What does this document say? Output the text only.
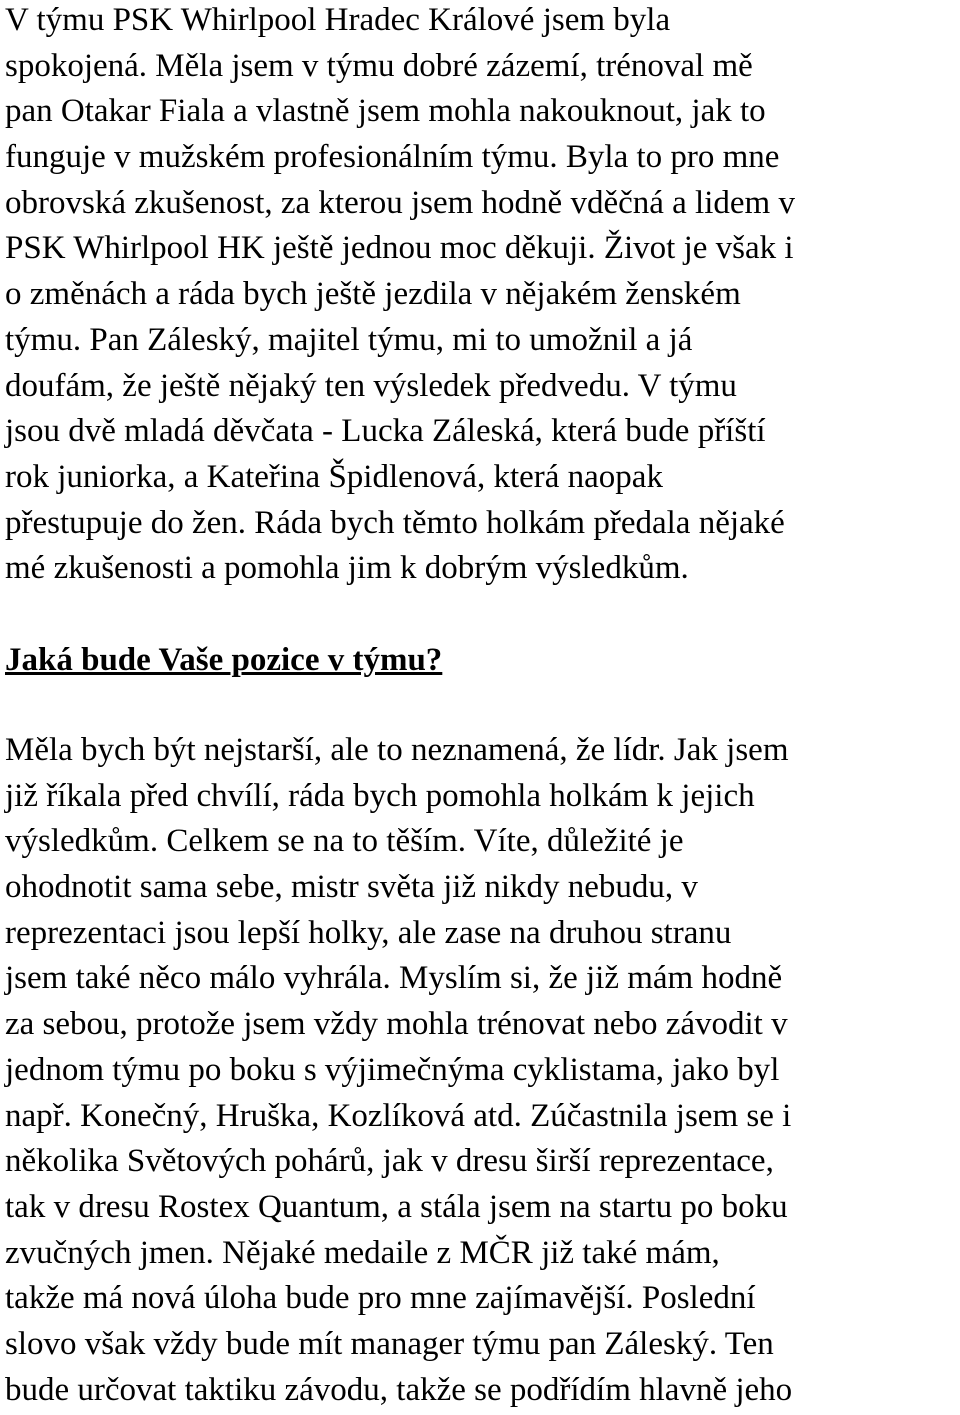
V týmu PSK Whirlpool Hradec Králové jsem byla
spokojená. Měla jsem v týmu dobré zázemí, trénoval mě
pan Otakar Fiala a vlastně jsem mohla nakouknout, jak to
funguje v mužském profesionálním týmu. Byla to pro mne
obrovská zkušenost, za kterou jsem hodně vděčná a lidem v
PSK Whirlpool HK ještě jednou moc děkuji. Život je však i
o změnách a ráda bych ještě jezdila v nějakém ženském
týmu. Pan Záleský, majitel týmu, mi to umožnil a já
doufám, že ještě nějaký ten výsledek předvedu. V týmu
jsou dvě mladá děvčata - Lucka Záleská, která bude příští
rok juniorka, a Kateřina Špidlenová, která naopak
přestupuje do žen. Ráda bych těmto holkám předala nějaké
mé zkušenosti a pomohla jim k dobrým výsledkům.
Jaká bude Vaše pozice v týmu?
Měla bych být nejstarší, ale to neznamená, že lídr. Jak jsem
již říkala před chvílí, ráda bych pomohla holkám k jejich
výsledkům. Celkem se na to těším. Víte, důležité je
ohodnotit sama sebe, mistr světa již nikdy nebudu, v
reprezentaci jsou lepší holky, ale zase na druhou stranu
jsem také něco málo vyhrála. Myslím si, že již mám hodně
za sebou, protože jsem vždy mohla trénovat nebo závodit v
jednom týmu po boku s výjimečnýma cyklistama, jako byl
např. Konečný, Hruška, Kozlíková atd. Zúčastnila jsem se i
několika Světových pohárů, jak v dresu širší reprezentace,
tak v dresu Rostex Quantum, a stála jsem na startu po boku
zvučných jmen. Nějaké medaile z MČR již také mám,
takže má nová úloha bude pro mne zajímavější. Poslední
slovo však vždy bude mít manager týmu pan Záleský. Ten
bude určovat taktiku závodu, takže se podřídím hlavně jeho
